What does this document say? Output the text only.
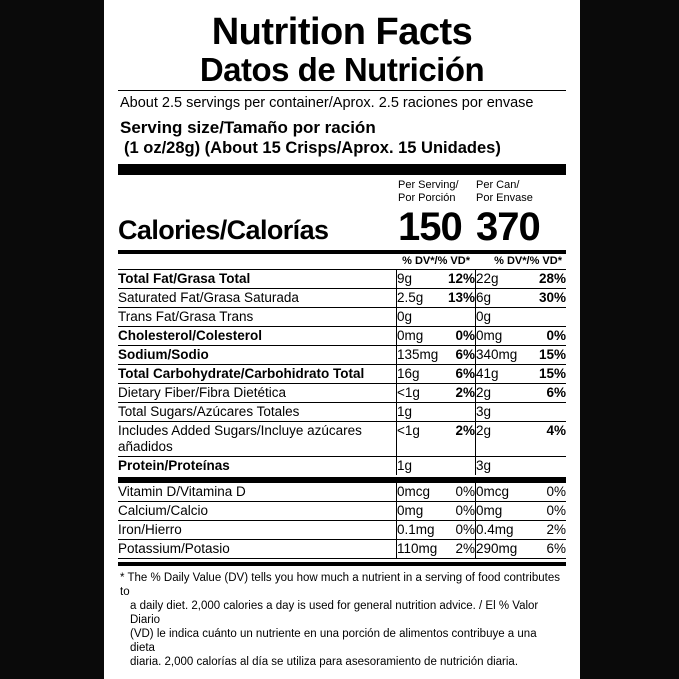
Nutrition Facts
Datos de Nutrición
About 2.5 servings per container/Aprox. 2.5 raciones por envase
Serving size/Tamaño por ración
(1 oz/28g) (About 15 Crisps/Aprox. 15 Unidades)
Per Serving/
Por Porción
Per Can/
Por Envase
Calories/Calorías	150 370
% DV*/% VD*	% DV*/% VD*
Total Fat/Grasa Total	9g	12%	22g	28%
Saturated Fat/Grasa Saturada	2.5g	13%	6g	30%
Trans Fat/Grasa Trans	0g		0g	
Cholesterol/Colesterol	0mg	0%	0mg	0%
Sodium/Sodio	135mg	6%	340mg	15%
Total Carbohydrate/Carbohidrato Total	16g	6%	41g	15%
Dietary Fiber/Fibra Dietética	<1g	2%	2g	6%
Total Sugars/Azúcares Totales	1g		3g	
Includes Added Sugars/Incluye azúcares añadidos	<1g	2%	2g	4%
Protein/Proteínas	1g		3g	
Vitamin D/Vitamina D	0mcg	0%	0mcg	0%
Calcium/Calcio	0mg	0%	0mg	0%
Iron/Hierro	0.1mg	0%	0.4mg	2%
Potassium/Potasio	110mg	2%	290mg	6%
* The % Daily Value (DV) tells you how much a nutrient in a serving of food contributes to
a daily diet. 2,000 calories a day is used for general nutrition advice. / El % Valor Diario
(VD) le indica cuánto un nutriente en una porción de alimentos contribuye a una dieta
diaria. 2,000 calorías al día se utiliza para asesoramiento de nutrición diaria.
